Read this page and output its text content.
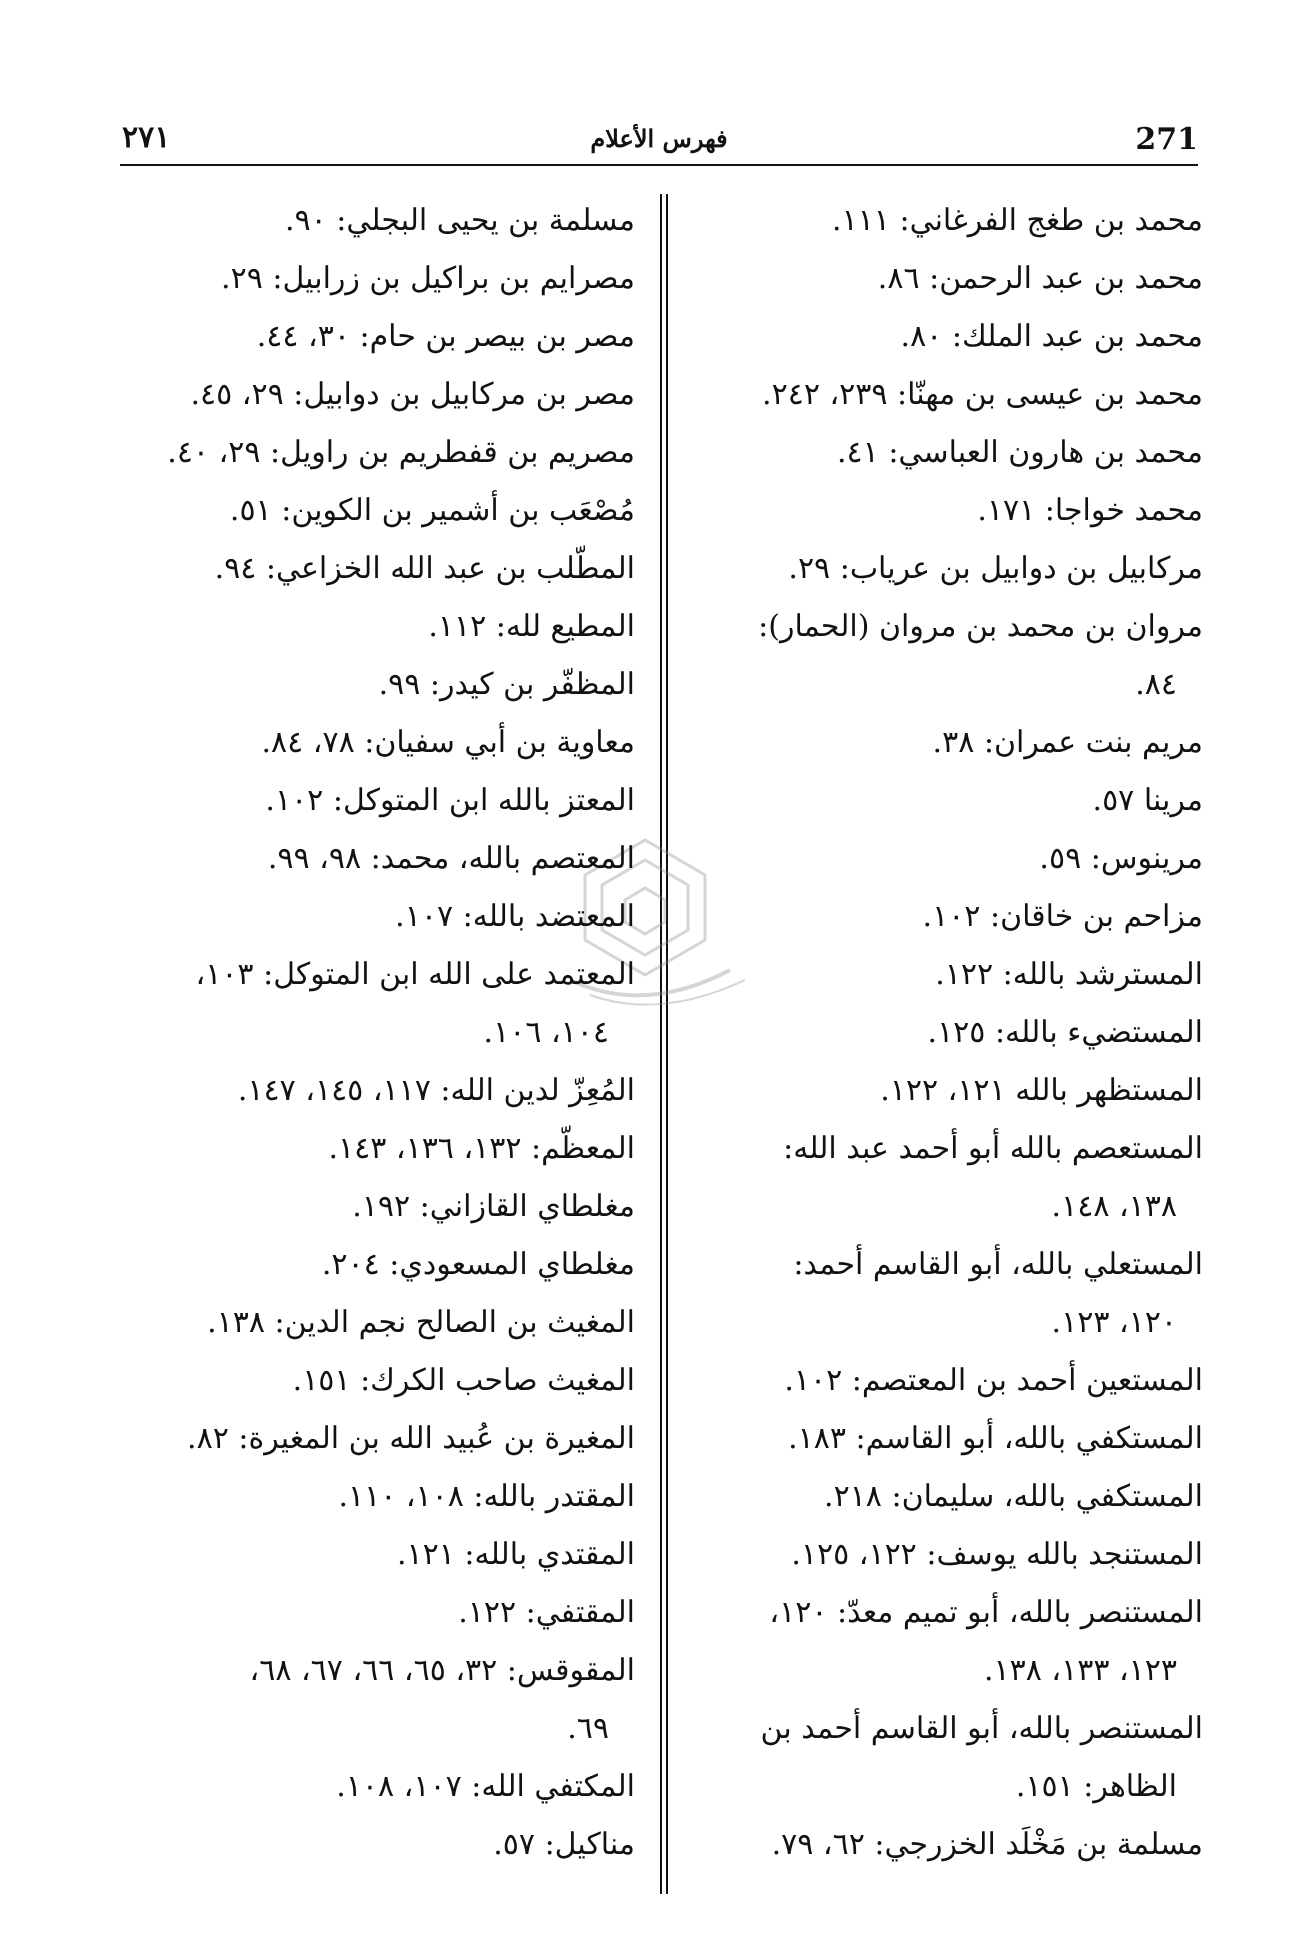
271
فهرس الأعلام
٢٧١
محمد بن طغج الفرغاني: ١١١.
محمد بن عبد الرحمن: ٨٦.
محمد بن عبد الملك: ٨٠.
محمد بن عيسى بن مهنّا: ٢٣٩، ٢٤٢.
محمد بن هارون العباسي: ٤١.
محمد خواجا: ١٧١.
مركابيل بن دوابيل بن عرياب: ٢٩.
مروان بن محمد بن مروان (الحمار):
٨٤.
مريم بنت عمران: ٣٨.
مرينا ٥٧.
مرينوس: ٥٩.
مزاحم بن خاقان: ١٠٢.
المسترشد بالله: ١٢٢.
المستضيء بالله: ١٢٥.
المستظهر بالله ١٢١، ١٢٢.
المستعصم بالله أبو أحمد عبد الله:
١٣٨، ١٤٨.
المستعلي بالله، أبو القاسم أحمد:
١٢٠، ١٢٣.
المستعين أحمد بن المعتصم: ١٠٢.
المستكفي بالله، أبو القاسم: ١٨٣.
المستكفي بالله، سليمان: ٢١٨.
المستنجد بالله يوسف: ١٢٢، ١٢٥.
المستنصر بالله، أبو تميم معدّ: ١٢٠،
١٢٣، ١٣٣، ١٣٨.
المستنصر بالله، أبو القاسم أحمد بن
الظاهر: ١٥١.
مسلمة بن مَخْلَد الخزرجي: ٦٢، ٧٩.
مسلمة بن يحيى البجلي: ٩٠.
مصرايم بن براكيل بن زرابيل: ٢٩.
مصر بن بيصر بن حام: ٣٠، ٤٤.
مصر بن مركابيل بن دوابيل: ٢٩، ٤٥.
مصريم بن قفطريم بن راويل: ٢٩، ٤٠.
مُصْعَب بن أشمير بن الكوين: ٥١.
المطّلب بن عبد الله الخزاعي: ٩٤.
المطيع لله: ١١٢.
المظفّر بن كيدر: ٩٩.
معاوية بن أبي سفيان: ٧٨، ٨٤.
المعتز بالله ابن المتوكل: ١٠٢.
المعتصم بالله، محمد: ٩٨، ٩٩.
المعتضد بالله: ١٠٧.
المعتمد على الله ابن المتوكل: ١٠٣،
١٠٤، ١٠٦.
المُعِزّ لدين الله: ١١٧، ١٤٥، ١٤٧.
المعظّم: ١٣٢، ١٣٦، ١٤٣.
مغلطاي القازاني: ١٩٢.
مغلطاي المسعودي: ٢٠٤.
المغيث بن الصالح نجم الدين: ١٣٨.
المغيث صاحب الكرك: ١٥١.
المغيرة بن عُبيد الله بن المغيرة: ٨٢.
المقتدر بالله: ١٠٨، ١١٠.
المقتدي بالله: ١٢١.
المقتفي: ١٢٢.
المقوقس: ٣٢، ٦٥، ٦٦، ٦٧، ٦٨،
٦٩.
المكتفي الله: ١٠٧، ١٠٨.
مناكيل: ٥٧.
